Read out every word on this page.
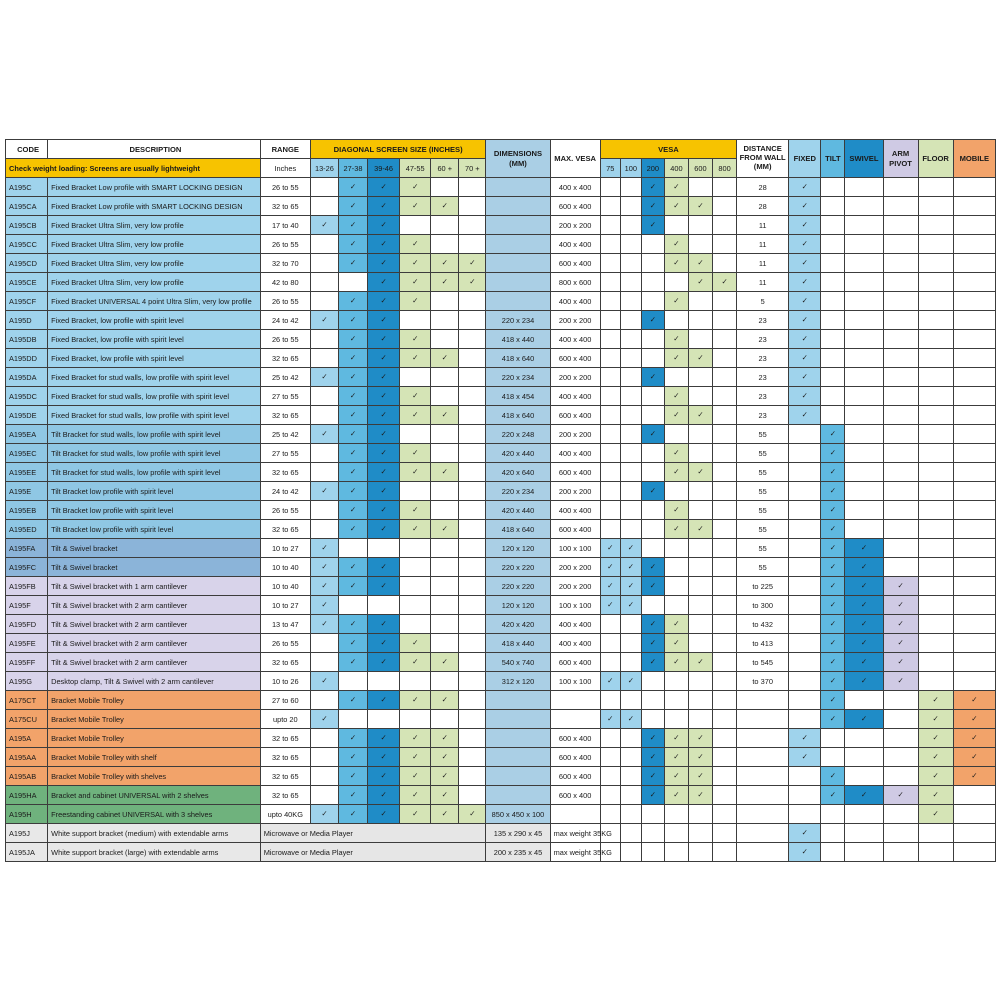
CODE	DESCRIPTION	RANGE	DIAGONAL SCREEN SIZE (INCHES)						DIMENSIONS (MM)	MAX. VESA	VESA						DISTANCE FROM WALL (MM)	FIXED	TILT	SWIVEL	ARM PIVOT	FLOOR	MOBILE
Check weight loading: Screens are usually lightweight		Inches	13-26	27-38	39-46	47-55	60 +	70 +			75	100	200	400	600	800							
A195C	Fixed Bracket Low profile with SMART LOCKING DESIGN	26 to 55		✓	✓	✓				400 x 400			✓	✓			28	✓					
A195CA	Fixed Bracket Low profile with SMART LOCKING DESIGN	32 to 65		✓	✓	✓	✓			600 x 400			✓	✓	✓		28	✓					
A195CB	Fixed Bracket Ultra Slim, very low profile	17 to 40	✓	✓	✓					200 x 200			✓				11	✓					
A195CC	Fixed Bracket Ultra Slim, very low profile	26 to 55		✓	✓	✓				400 x 400				✓			11	✓					
A195CD	Fixed Bracket Ultra Slim, very low profile	32 to 70		✓	✓	✓	✓	✓		600 x 400				✓	✓		11	✓					
A195CE	Fixed Bracket Ultra Slim, very low profile	42 to 80			✓	✓	✓	✓		800 x 600					✓	✓	11	✓					
A195CF	Fixed Bracket UNIVERSAL 4 point Ultra Slim, very low profile	26 to 55		✓	✓	✓				400 x 400				✓			5	✓					
A195D	Fixed Bracket, low profile with spirit level	24 to 42	✓	✓	✓				220 x 234	200 x 200			✓				23	✓					
A195DB	Fixed Bracket, low profile with spirit level	26 to 55		✓	✓	✓			418 x 440	400 x 400				✓			23	✓					
A195DD	Fixed Bracket, low profile with spirit level	32 to 65		✓	✓	✓	✓		418 x 640	600 x 400				✓	✓		23	✓					
A195DA	Fixed Bracket for stud walls, low profile with spirit level	25 to 42	✓	✓	✓				220 x 234	200 x 200			✓				23	✓					
A195DC	Fixed Bracket for stud walls, low profile with spirit level	27 to 55		✓	✓	✓			418 x 454	400 x 400				✓			23	✓					
A195DE	Fixed Bracket for stud walls, low profile with spirit level	32 to 65		✓	✓	✓	✓		418 x 640	600 x 400				✓	✓		23	✓					
A195EA	Tilt Bracket for stud walls, low profile with spirit level	25 to 42	✓	✓	✓				220 x 248	200 x 200			✓				55		✓				
A195EC	Tilt Bracket for stud walls, low profile with spirit level	27 to 55		✓	✓	✓			420 x 440	400 x 400				✓			55		✓				
A195EE	Tilt Bracket for stud walls, low profile with spirit level	32 to 65		✓	✓	✓	✓		420 x 640	600 x 400				✓	✓		55		✓				
A195E	Tilt Bracket low profile with spirit level	24 to 42	✓	✓	✓				220 x 234	200 x 200			✓				55		✓				
A195EB	Tilt Bracket low profile with spirit level	26 to 55		✓	✓	✓			420 x 440	400 x 400				✓			55		✓				
A195ED	Tilt Bracket low profile with spirit level	32 to 65		✓	✓	✓	✓		418 x 640	600 x 400				✓	✓		55		✓				
A195FA	Tilt & Swivel bracket	10 to 27	✓						120 x 120	100 x 100	✓	✓					55		✓	✓			
A195FC	Tilt & Swivel bracket	10 to 40	✓	✓	✓				220 x 220	200 x 200	✓	✓	✓				55		✓	✓			
A195FB	Tilt & Swivel bracket with 1 arm cantilever	10 to 40	✓	✓	✓				220 x 220	200 x 200	✓	✓	✓				to 225		✓	✓	✓		
A195F	Tilt & Swivel bracket with 2 arm cantilever	10 to 27	✓						120 x 120	100 x 100	✓	✓					to 300		✓	✓	✓		
A195FD	Tilt & Swivel bracket with 2 arm cantilever	13 to 47	✓	✓	✓				420 x 420	400 x 400			✓	✓			to 432		✓	✓	✓		
A195FE	Tilt & Swivel bracket with 2 arm cantilever	26 to 55		✓	✓	✓			418 x 440	400 x 400			✓	✓			to 413		✓	✓	✓		
A195FF	Tilt & Swivel bracket with 2 arm cantilever	32 to 65		✓	✓	✓	✓		540 x 740	600 x 400			✓	✓	✓		to 545		✓	✓	✓		
A195G	Desktop clamp, Tilt & Swivel with 2 arm cantilever	10 to 26	✓						312 x 120	100 x 100	✓	✓					to 370		✓	✓	✓		
A175CT	Bracket Mobile Trolley	27 to 60		✓	✓	✓	✓												✓			✓	✓
A175CU	Bracket Mobile Trolley	upto 20	✓								✓	✓							✓	✓		✓	✓
A195A	Bracket Mobile Trolley	32 to 65		✓	✓	✓	✓			600 x 400			✓	✓	✓			✓				✓	✓
A195AA	Bracket Mobile Trolley with shelf	32 to 65		✓	✓	✓	✓			600 x 400			✓	✓	✓			✓				✓	✓
A195AB	Bracket Mobile Trolley with shelves	32 to 65		✓	✓	✓	✓			600 x 400			✓	✓	✓				✓			✓	✓
A195HA	Bracket and cabinet UNIVERSAL with 2 shelves	32 to 65		✓	✓	✓	✓			600 x 400			✓	✓	✓				✓	✓	✓	✓	
A195H	Freestanding cabinet UNIVERSAL with 3 shelves	upto 40KG	✓	✓	✓	✓	✓	✓	850 x 450 x 100													✓	
A195J	White support bracket (medium) with extendable arms	Microwave or Media Player							135 x 290 x 45	max weight 35KG								✓					
A195JA	White support bracket (large) with extendable arms	Microwave or Media Player							200 x 235 x 45	max weight 35KG								✓					
